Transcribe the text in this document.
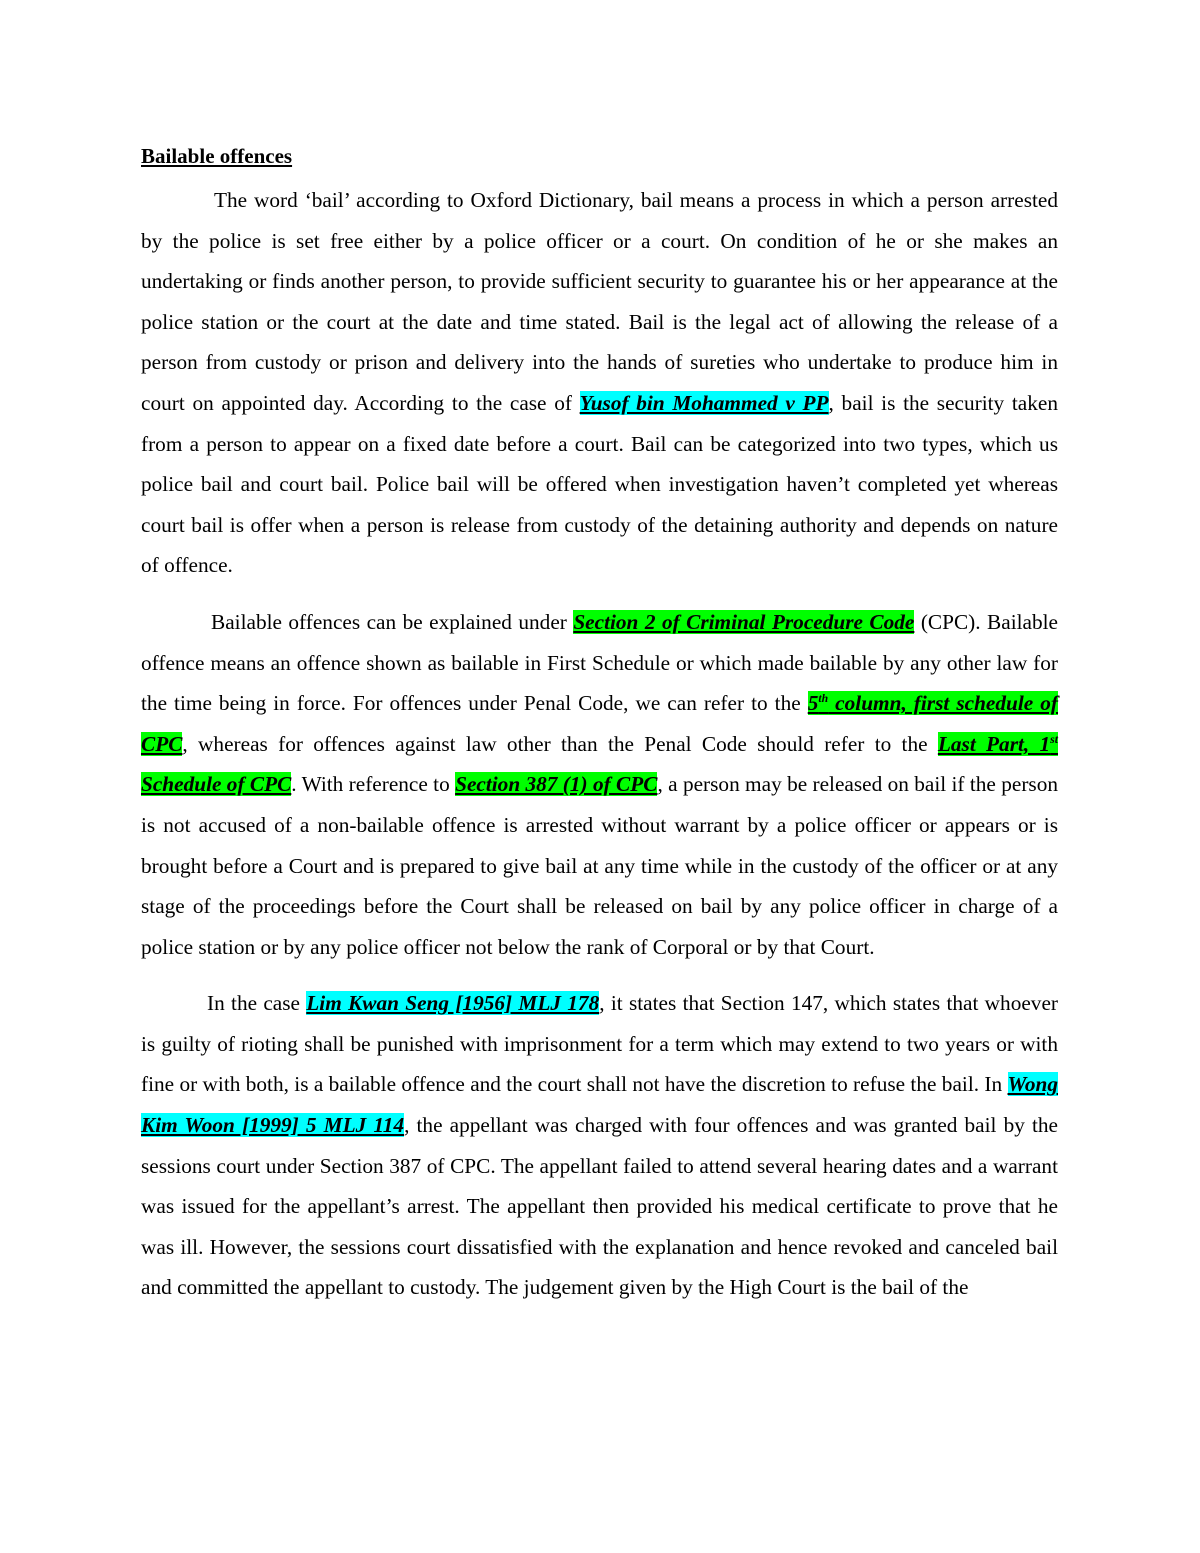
Bailable offences

The word ‘bail’ according to Oxford Dictionary, bail means a process in which a person arrested by the police is set free either by a police officer or a court. On condition of he or she makes an undertaking or finds another person, to provide sufficient security to guarantee his or her appearance at the police station or the court at the date and time stated. Bail is the legal act of allowing the release of a person from custody or prison and delivery into the hands of sureties who undertake to produce him in court on appointed day. According to the case of Yusof bin Mohammed v PP, bail is the security taken from a person to appear on a fixed date before a court. Bail can be categorized into two types, which us police bail and court bail. Police bail will be offered when investigation haven’t completed yet whereas court bail is offer when a person is release from custody of the detaining authority and depends on nature of offence.

Bailable offences can be explained under Section 2 of Criminal Procedure Code (CPC). Bailable offence means an offence shown as bailable in First Schedule or which made bailable by any other law for the time being in force. For offences under Penal Code, we can refer to the 5th column, first schedule of CPC, whereas for offences against law other than the Penal Code should refer to the Last Part, 1st Schedule of CPC. With reference to Section 387 (1) of CPC, a person may be released on bail if the person is not accused of a non-bailable offence is arrested without warrant by a police officer or appears or is brought before a Court and is prepared to give bail at any time while in the custody of the officer or at any stage of the proceedings before the Court shall be released on bail by any police officer in charge of a police station or by any police officer not below the rank of Corporal or by that Court.

In the case Lim Kwan Seng [1956] MLJ 178, it states that Section 147, which states that whoever is guilty of rioting shall be punished with imprisonment for a term which may extend to two years or with fine or with both, is a bailable offence and the court shall not have the discretion to refuse the bail. In Wong Kim Woon [1999] 5 MLJ 114, the appellant was charged with four offences and was granted bail by the sessions court under Section 387 of CPC. The appellant failed to attend several hearing dates and a warrant was issued for the appellant’s arrest. The appellant then provided his medical certificate to prove that he was ill. However, the sessions court dissatisfied with the explanation and hence revoked and canceled bail and committed the appellant to custody. The judgement given by the High Court is the bail of the
